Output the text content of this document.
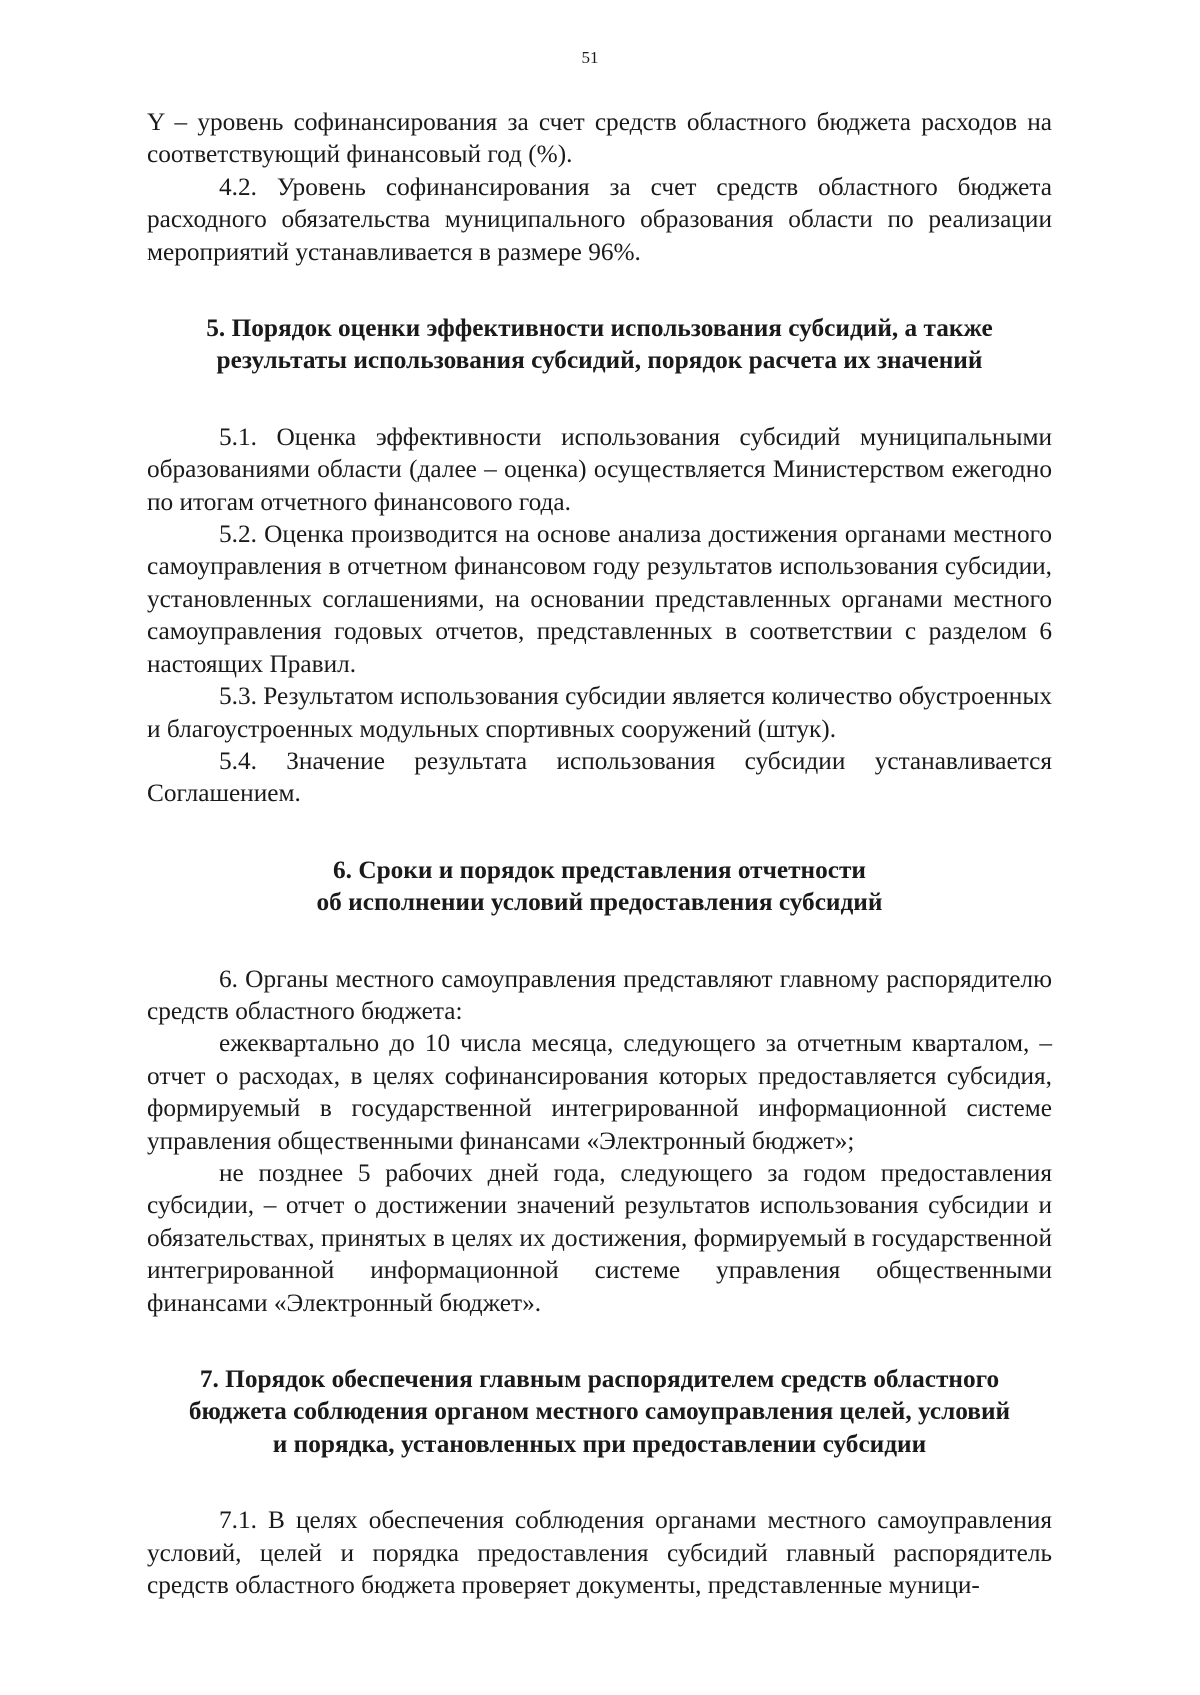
51

Y – уровень софинансирования за счет средств областного бюджета расходов на соответствующий финансовый год (%).

4.2. Уровень софинансирования за счет средств областного бюджета расходного обязательства муниципального образования области по реализации мероприятий устанавливается в размере 96%.

5. Порядок оценки эффективности использования субсидий, а также
результаты использования субсидий, порядок расчета их значений

5.1. Оценка эффективности использования субсидий муниципальными образованиями области (далее – оценка) осуществляется Министерством ежегодно по итогам отчетного финансового года.

5.2. Оценка производится на основе анализа достижения органами местного самоуправления в отчетном финансовом году результатов использования субсидии, установленных соглашениями, на основании представленных органами местного самоуправления годовых отчетов, представленных в соответствии с разделом 6 настоящих Правил.

5.3. Результатом использования субсидии является количество обустроенных и благоустроенных модульных спортивных сооружений (штук).

5.4. Значение результата использования субсидии устанавливается Соглашением.

6. Сроки и порядок представления отчетности
об исполнении условий предоставления субсидий

6. Органы местного самоуправления представляют главному распорядителю средств областного бюджета:

ежеквартально до 10 числа месяца, следующего за отчетным кварталом, – отчет о расходах, в целях софинансирования которых предоставляется субсидия, формируемый в государственной интегрированной информационной системе управления общественными финансами «Электронный бюджет»;

не позднее 5 рабочих дней года, следующего за годом предоставления субсидии, – отчет о достижении значений результатов использования субсидии и обязательствах, принятых в целях их достижения, формируемый в государственной интегрированной информационной системе управления общественными финансами «Электронный бюджет».

7. Порядок обеспечения главным распорядителем средств областного
бюджета соблюдения органом местного самоуправления целей, условий
и порядка, установленных при предоставлении субсидии

7.1. В целях обеспечения соблюдения органами местного самоуправления условий, целей и порядка предоставления субсидий главный распорядитель средств областного бюджета проверяет документы, представленные муници-
